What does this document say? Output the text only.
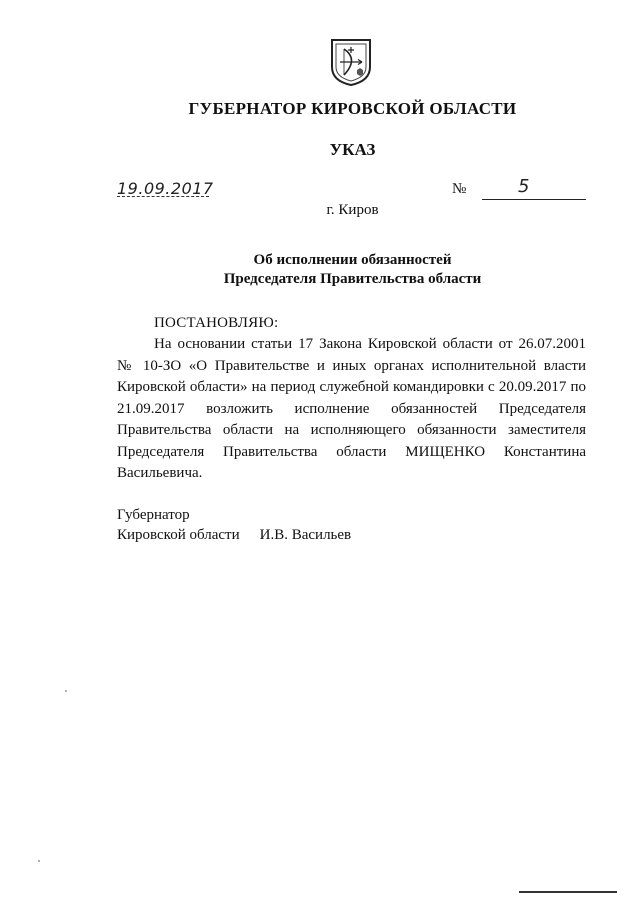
ГУБЕРНАТОР КИРОВСКОЙ ОБЛАСТИ
УКАЗ
19.09.2017	№	5
г. Киров
Об исполнении обязанностей
Председателя Правительства области
ПОСТАНОВЛЯЮ:
На основании статьи 17 Закона Кировской области от 26.07.2001 № 10-ЗО «О Правительстве и иных органах исполнительной власти Кировской области» на период служебной командировки с 20.09.2017 по 21.09.2017 возложить исполнение обязанностей Председателя Правительства области на исполняющего обязанности заместителя Председателя Правительства области МИЩЕНКО Константина Васильевича.
Губернатор
Кировской области И.В. Васильев
